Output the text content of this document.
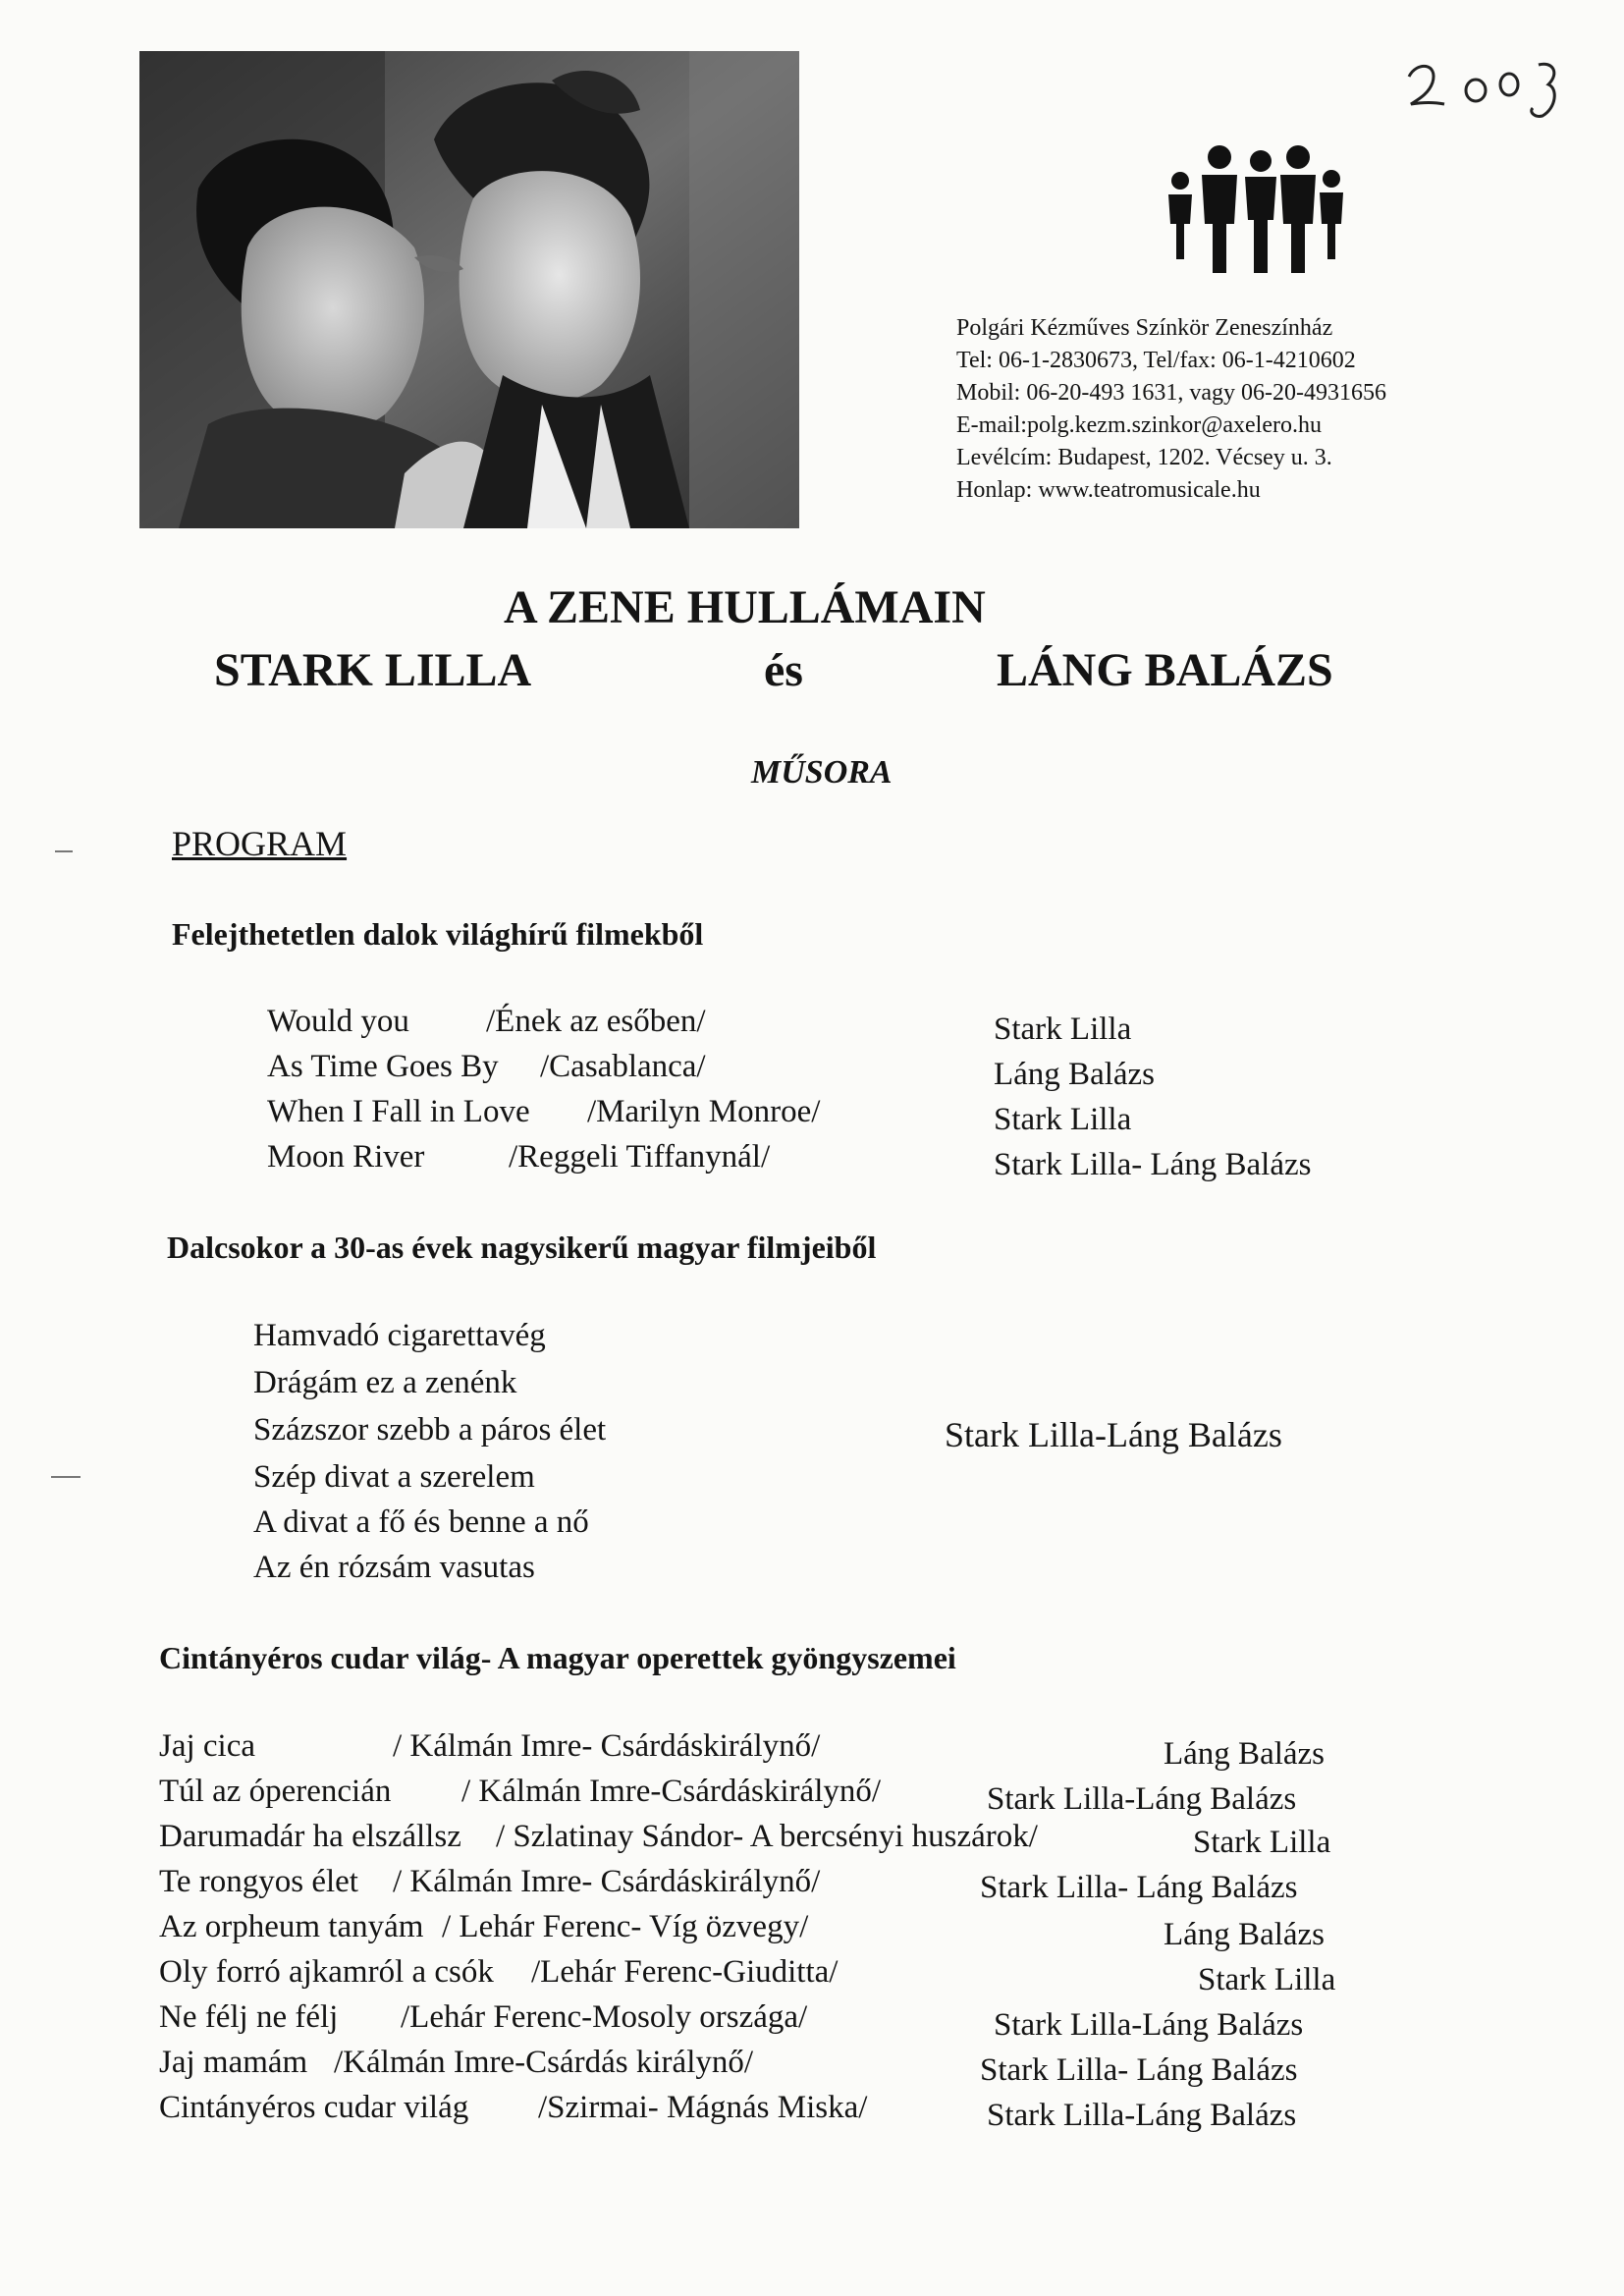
Polgári Kézműves Színkör Zeneszínház
Tel: 06-1-2830673, Tel/fax: 06-1-4210602
Mobil: 06-20-493 1631, vagy 06-20-4931656
E-mail:polg.kezm.szinkor@axelero.hu
Levélcím: Budapest, 1202. Vécsey u. 3.
Honlap: www.teatromusicale.hu
A ZENE HULLÁMAIN
STARK LILLA	és	LÁNG BALÁZS
MŰSORA
PROGRAM
Felejthetetlen dalok világhírű filmekből
Would you /Ének az esőben/	Stark Lilla
As Time Goes By /Casablanca/	Láng Balázs
When I Fall in Love /Marilyn Monroe/	Stark Lilla
Moon River	/Reggeli Tiffanynál/	Stark Lilla- Láng Balázs
Dalcsokor a 30-as évek nagysikerű magyar filmjeiből
Hamvadó cigarettavég
Drágám ez a zenénk
Százszor szebb a páros élet
Szép divat a szerelem
A divat a fő és benne a nő
Az én rózsám vasutas
Stark Lilla-Láng Balázs
Cintányéros cudar világ- A magyar operettek gyöngyszemei
Jaj cica	/ Kálmán Imre- Csárdáskirálynő/	Láng Balázs
Túl az óperencián / Kálmán Imre-Csárdáskirálynő/	Stark Lilla-Láng Balázs
Darumadár ha elszállsz / Szlatinay Sándor- A bercsényi huszárok/	Stark Lilla
Te rongyos élet / Kálmán Imre- Csárdáskirálynő/	Stark Lilla- Láng Balázs
Az orpheum tanyám / Lehár Ferenc- Víg özvegy/	Láng Balázs
Oly forró ajkamról a csók /Lehár Ferenc-Giuditta/	Stark Lilla
Ne félj ne félj /Lehár Ferenc-Mosoly országa/	Stark Lilla-Láng Balázs
Jaj mamám /Kálmán Imre-Csárdás királynő/	Stark Lilla- Láng Balázs
Cintányéros cudar világ /Szirmai- Mágnás Miska/	Stark Lilla-Láng Balázs
